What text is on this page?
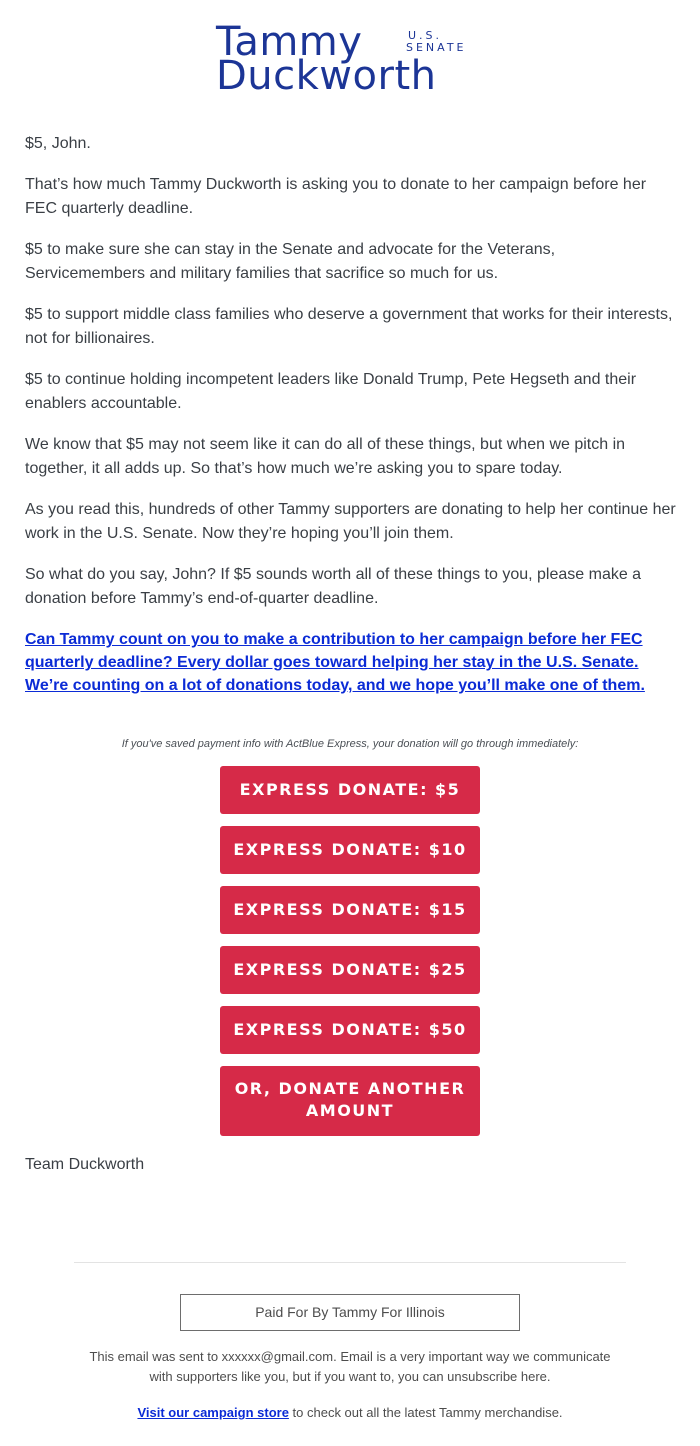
Tammy	U.S.
SENATE
Duckworth

$5, John.

That’s how much Tammy Duckworth is asking you to donate to her campaign before her FEC quarterly deadline.

$5 to make sure she can stay in the Senate and advocate for the Veterans, Servicemembers and military families that sacrifice so much for us.

$5 to support middle class families who deserve a government that works for their interests, not for billionaires.

$5 to continue holding incompetent leaders like Donald Trump, Pete Hegseth and their enablers accountable.

We know that $5 may not seem like it can do all of these things, but when we pitch in together, it all adds up. So that’s how much we’re asking you to spare today.

As you read this, hundreds of other Tammy supporters are donating to help her continue her work in the U.S. Senate. Now they’re hoping you’ll join them.

So what do you say, John? If $5 sounds worth all of these things to you, please make a donation before Tammy’s end-of-quarter deadline.

Can Tammy count on you to make a contribution to her campaign before her FEC quarterly deadline? Every dollar goes toward helping her stay in the U.S. Senate. We’re counting on a lot of donations today, and we hope you’ll make one of them.
If you've saved payment info with ActBlue Express, your donation will go through immediately:
EXPRESS DONATE: $5
EXPRESS DONATE: $10
EXPRESS DONATE: $15
EXPRESS DONATE: $25
EXPRESS DONATE: $50
OR, DONATE ANOTHER AMOUNT
Team Duckworth
Paid For By Tammy For Illinois
This email was sent to xxxxxx@gmail.com. Email is a very important way we communicate with supporters like you, but if you want to, you can unsubscribe here.
Visit our campaign store to check out all the latest Tammy merchandise.
